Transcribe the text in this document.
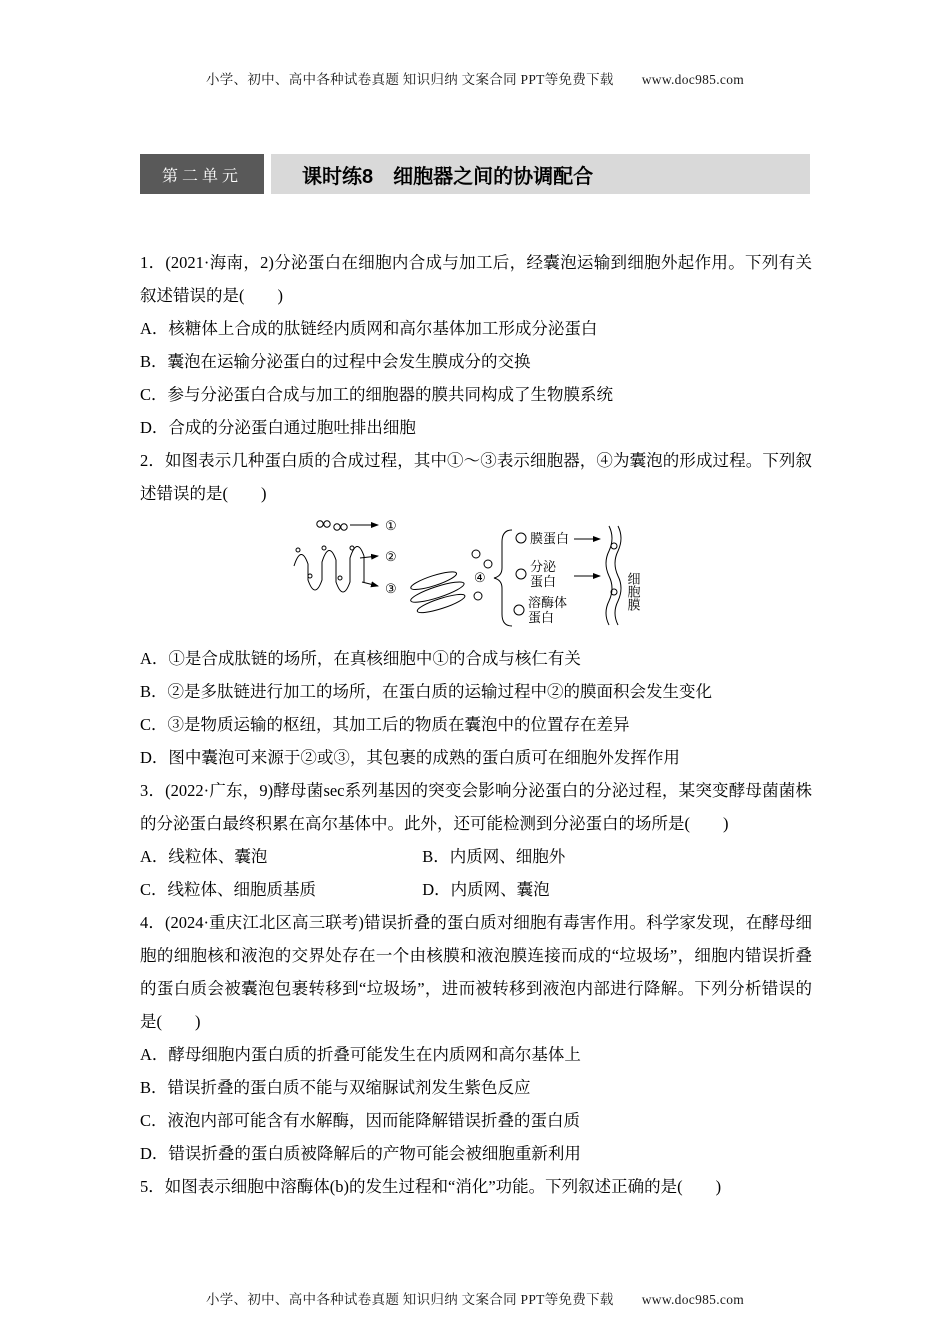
小学、初中、高中各种试卷真题 知识归纳 文案合同 PPT等免费下载 www.doc985.com
第二单元	课时练8　细胞器之间的协调配合

1．(2021·海南，2)分泌蛋白在细胞内合成与加工后，经囊泡运输到细胞外起作用。下列有关叙述错误的是(　　)

A．核糖体上合成的肽链经内质网和高尔基体加工形成分泌蛋白

B．囊泡在运输分泌蛋白的过程中会发生膜成分的交换

C．参与分泌蛋白合成与加工的细胞器的膜共同构成了生物膜系统

D．合成的分泌蛋白通过胞吐排出细胞

2．如图表示几种蛋白质的合成过程，其中①～③表示细胞器，④为囊泡的形成过程。下列叙述错误的是(　　)

①
②
③
④
膜蛋白
分泌
蛋白
溶酶体
蛋白
细胞膜

A．①是合成肽链的场所，在真核细胞中①的合成与核仁有关

B．②是多肽链进行加工的场所，在蛋白质的运输过程中②的膜面积会发生变化

C．③是物质运输的枢纽，其加工后的物质在囊泡中的位置存在差异

D．图中囊泡可来源于②或③，其包裹的成熟的蛋白质可在细胞外发挥作用

3．(2022·广东，9)酵母菌sec系列基因的突变会影响分泌蛋白的分泌过程，某突变酵母菌菌株的分泌蛋白最终积累在高尔基体中。此外，还可能检测到分泌蛋白的场所是(　　)

A．线粒体、囊泡	B．内质网、细胞外

C．线粒体、细胞质基质	D．内质网、囊泡

4．(2024·重庆江北区高三联考)错误折叠的蛋白质对细胞有毒害作用。科学家发现，在酵母细胞的细胞核和液泡的交界处存在一个由核膜和液泡膜连接而成的“垃圾场”，细胞内错误折叠的蛋白质会被囊泡包裹转移到“垃圾场”，进而被转移到液泡内部进行降解。下列分析错误的是(　　)

A．酵母细胞内蛋白质的折叠可能发生在内质网和高尔基体上

B．错误折叠的蛋白质不能与双缩脲试剂发生紫色反应

C．液泡内部可能含有水解酶，因而能降解错误折叠的蛋白质

D．错误折叠的蛋白质被降解后的产物可能会被细胞重新利用

5．如图表示细胞中溶酶体(b)的发生过程和“消化”功能。下列叙述正确的是(　　)

小学、初中、高中各种试卷真题 知识归纳 文案合同 PPT等免费下载 www.doc985.com
